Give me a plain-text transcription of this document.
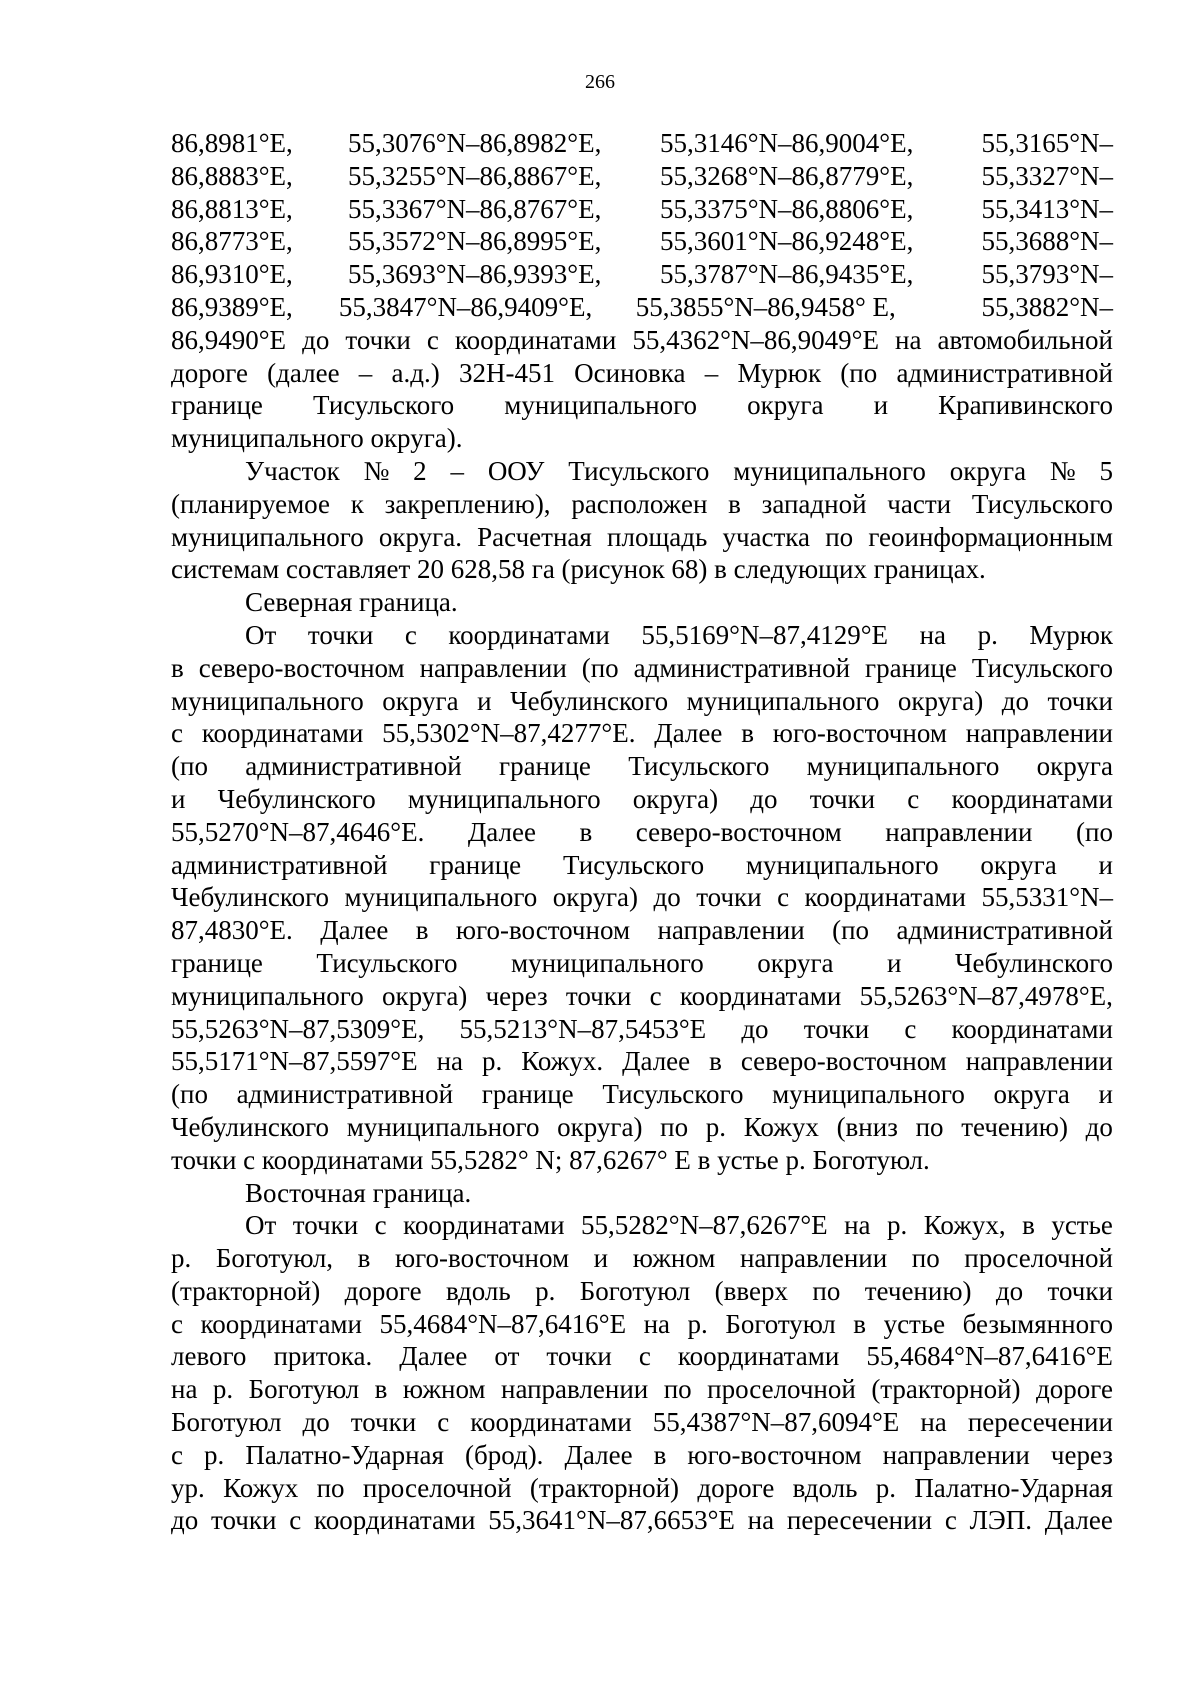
266
86,8981°E,	55,3076°N–86,8982°E,	55,3146°N–86,9004°E,	55,3165°N–
86,8883°E,	55,3255°N–86,8867°E,	55,3268°N–86,8779°E,	55,3327°N–
86,8813°E,	55,3367°N–86,8767°E,	55,3375°N–86,8806°E,	55,3413°N–
86,8773°E,	55,3572°N–86,8995°E,	55,3601°N–86,9248°E,	55,3688°N–
86,9310°E,	55,3693°N–86,9393°E,	55,3787°N–86,9435°E,	55,3793°N–
86,9389°E,	55,3847°N–86,9409°E,	55,3855°N–86,9458° E,	55,3882°N–
86,9490°E до точки с координатами 55,4362°N–86,9049°E на автомобильной
дороге (далее – а.д.) 32Н-451 Осиновка – Мурюк (по административной
границе Тисульского муниципального округа и Крапивинского
муниципального округа).
Участок № 2 – ООУ Тисульского муниципального округа № 5
(планируемое к закреплению), расположен в западной части Тисульского
муниципального округа. Расчетная площадь участка по геоинформационным
системам составляет 20 628,58 га (рисунок 68) в следующих границах.
Северная граница.
От точки с координатами 55,5169°N–87,4129°E на р. Мурюк
в северо-восточном направлении (по административной границе Тисульского
муниципального округа и Чебулинского муниципального округа) до точки
с координатами 55,5302°N–87,4277°E. Далее в юго-восточном направлении
(по административной границе Тисульского муниципального округа
и Чебулинского муниципального округа) до точки с координатами
55,5270°N–87,4646°E. Далее в северо-восточном направлении (по
административной границе Тисульского муниципального округа и
Чебулинского муниципального округа) до точки с координатами 55,5331°N–
87,4830°E. Далее в юго-восточном направлении (по административной
границе Тисульского муниципального округа и Чебулинского
муниципального округа) через точки с координатами 55,5263°N–87,4978°E,
55,5263°N–87,5309°E, 55,5213°N–87,5453°E до точки с координатами
55,5171°N–87,5597°E на р. Кожух. Далее в северо-восточном направлении
(по административной границе Тисульского муниципального округа и
Чебулинского муниципального округа) по р. Кожух (вниз по течению) до
точки с координатами 55,5282° N; 87,6267° E в устье р. Боготуюл.
Восточная граница.
От точки с координатами 55,5282°N–87,6267°E на р. Кожух, в устье
р. Боготуюл, в юго-восточном и южном направлении по проселочной
(тракторной) дороге вдоль р. Боготуюл (вверх по течению) до точки
с координатами 55,4684°N–87,6416°E на р. Боготуюл в устье безымянного
левого притока. Далее от точки с координатами 55,4684°N–87,6416°E
на р. Боготуюл в южном направлении по проселочной (тракторной) дороге
Боготуюл до точки с координатами 55,4387°N–87,6094°E на пересечении
с р. Палатно-Ударная (брод). Далее в юго-восточном направлении через
ур. Кожух по проселочной (тракторной) дороге вдоль р. Палатно-Ударная
до точки с координатами 55,3641°N–87,6653°E на пересечении с ЛЭП. Далее
